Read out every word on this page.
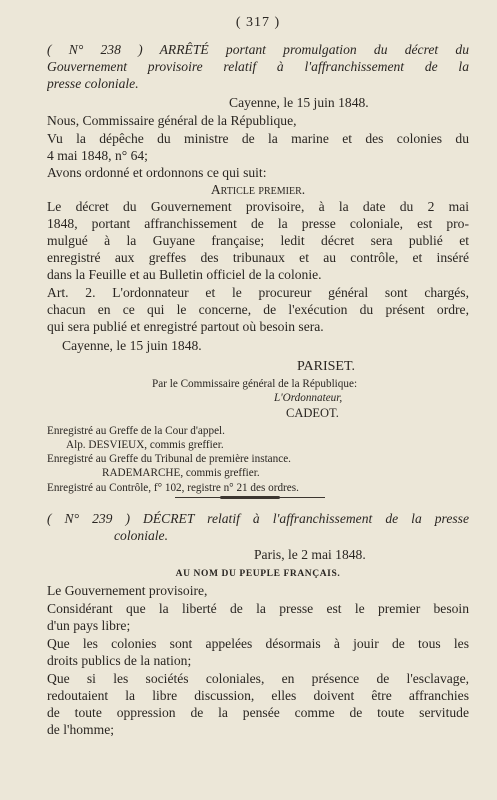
( 317 )
( N° 238 ) ARRÊTÉ portant promulgation du décret du
Gouvernement provisoire relatif à l'affranchissement de la
presse coloniale.
Cayenne, le 15 juin 1848.
Nous, Commissaire général de la République,
Vu la dépêche du ministre de la marine et des colonies du
4 mai 1848, n° 64;
Avons ordonné et ordonnons ce qui suit:
Article premier.
Le décret du Gouvernement provisoire, à la date du 2 mai
1848, portant affranchissement de la presse coloniale, est pro-
mulgué à la Guyane française; ledit décret sera publié et
enregistré aux greffes des tribunaux et au contrôle, et inséré
dans la Feuille et au Bulletin officiel de la colonie.
Art. 2. L'ordonnateur et le procureur général sont chargés,
chacun en ce qui le concerne, de l'exécution du présent ordre,
qui sera publié et enregistré partout où besoin sera.
Cayenne, le 15 juin 1848.
PARISET.
Par le Commissaire général de la République:
L'Ordonnateur,
CADEOT.
Enregistré au Greffe de la Cour d'appel.
Alp. DESVIEUX, commis greffier.
Enregistré au Greffe du Tribunal de première instance.
RADEMARCHE, commis greffier.
Enregistré au Contrôle, f° 102, registre n° 21 des ordres.
( N° 239 ) DÉCRET relatif à l'affranchissement de la presse
coloniale.
Paris, le 2 mai 1848.
AU NOM DU PEUPLE FRANÇAIS.
Le Gouvernement provisoire,
Considérant que la liberté de la presse est le premier besoin
d'un pays libre;
Que les colonies sont appelées désormais à jouir de tous les
droits publics de la nation;
Que si les sociétés coloniales, en présence de l'esclavage,
redoutaient la libre discussion, elles doivent être affranchies
de toute oppression de la pensée comme de toute servitude
de l'homme;
